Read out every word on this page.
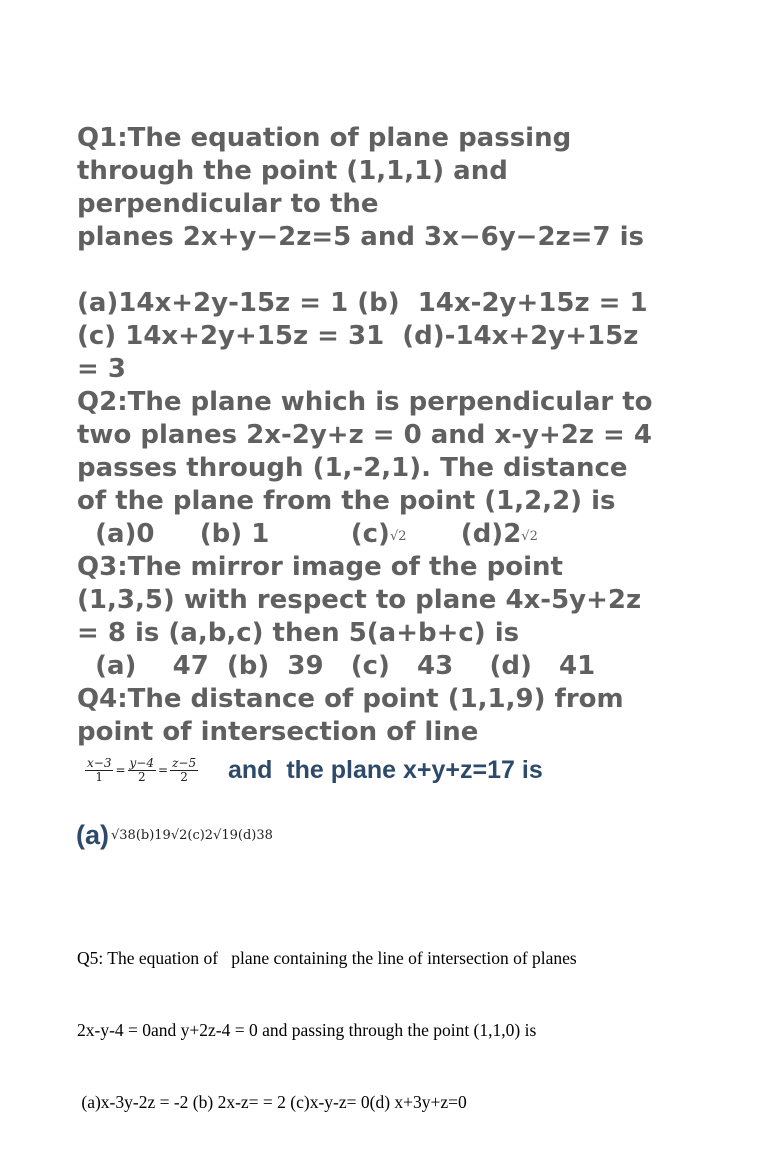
Q1:The equation of plane passing
through the point (1,1,1) and
perpendicular to the
planes 2x+y−2z=5 and 3x−6y−2z=7 is
(a)14x+2y-15z = 1 (b)  14x-2y+15z = 1
(c) 14x+2y+15z = 31  (d)-14x+2y+15z
= 3
Q2:The plane which is perpendicular to
two planes 2x-2y+z = 0 and x-y+2z = 4
passes through (1,-2,1). The distance
of the plane from the point (1,2,2) is
(a)0     (b) 1         (c)√2      (d)2√2
Q3:The mirror image of the point
(1,3,5) with respect to plane 4x-5y+2z
= 8 is (a,b,c) then 5(a+b+c) is
(a)    47  (b)  39   (c)   43    (d)   41
Q4:The distance of point (1,1,9) from
point of intersection of line
$\frac{x-3}{1} = \frac{y-4}{2} = \frac{z-5}{2}$ and  the plane x+y+z=17 is
(a) √38(b)19√2(c)2√19(d)38

Q5: The equation of   plane containing the line of intersection of planes

2x-y-4 = 0and y+2z-4 = 0 and passing through the point (1,1,0) is

(a)x-3y-2z = -2 (b) 2x-z= = 2 (c)x-y-z= 0(d) x+3y+z=0
